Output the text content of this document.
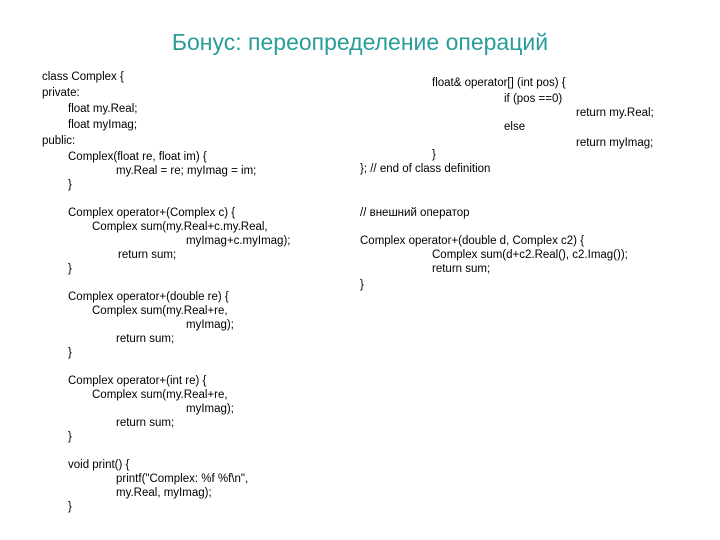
Бонус: переопределение операций
class Complex {
private:
float my.Real;
float myImag;
public:
Complex(float re, float im) {
my.Real = re; myImag = im;
}
Complex operator+(Complex c) {
Complex sum(my.Real+c.my.Real,
myImag+c.myImag);
return sum;
}
Complex operator+(double re) {
Complex sum(my.Real+re,
myImag);
return sum;
}
Complex operator+(int re) {
Complex sum(my.Real+re,
myImag);
return sum;
}
void print() {
printf("Complex: %f %f\n",
my.Real, myImag);
}
float& operator[] (int pos) {
if (pos ==0)
return my.Real;
else
return myImag;
}
}; // end of class definition
// внешний оператор
Complex operator+(double d, Complex c2) {
Complex sum(d+c2.Real(), c2.Imag());
return sum;
}
